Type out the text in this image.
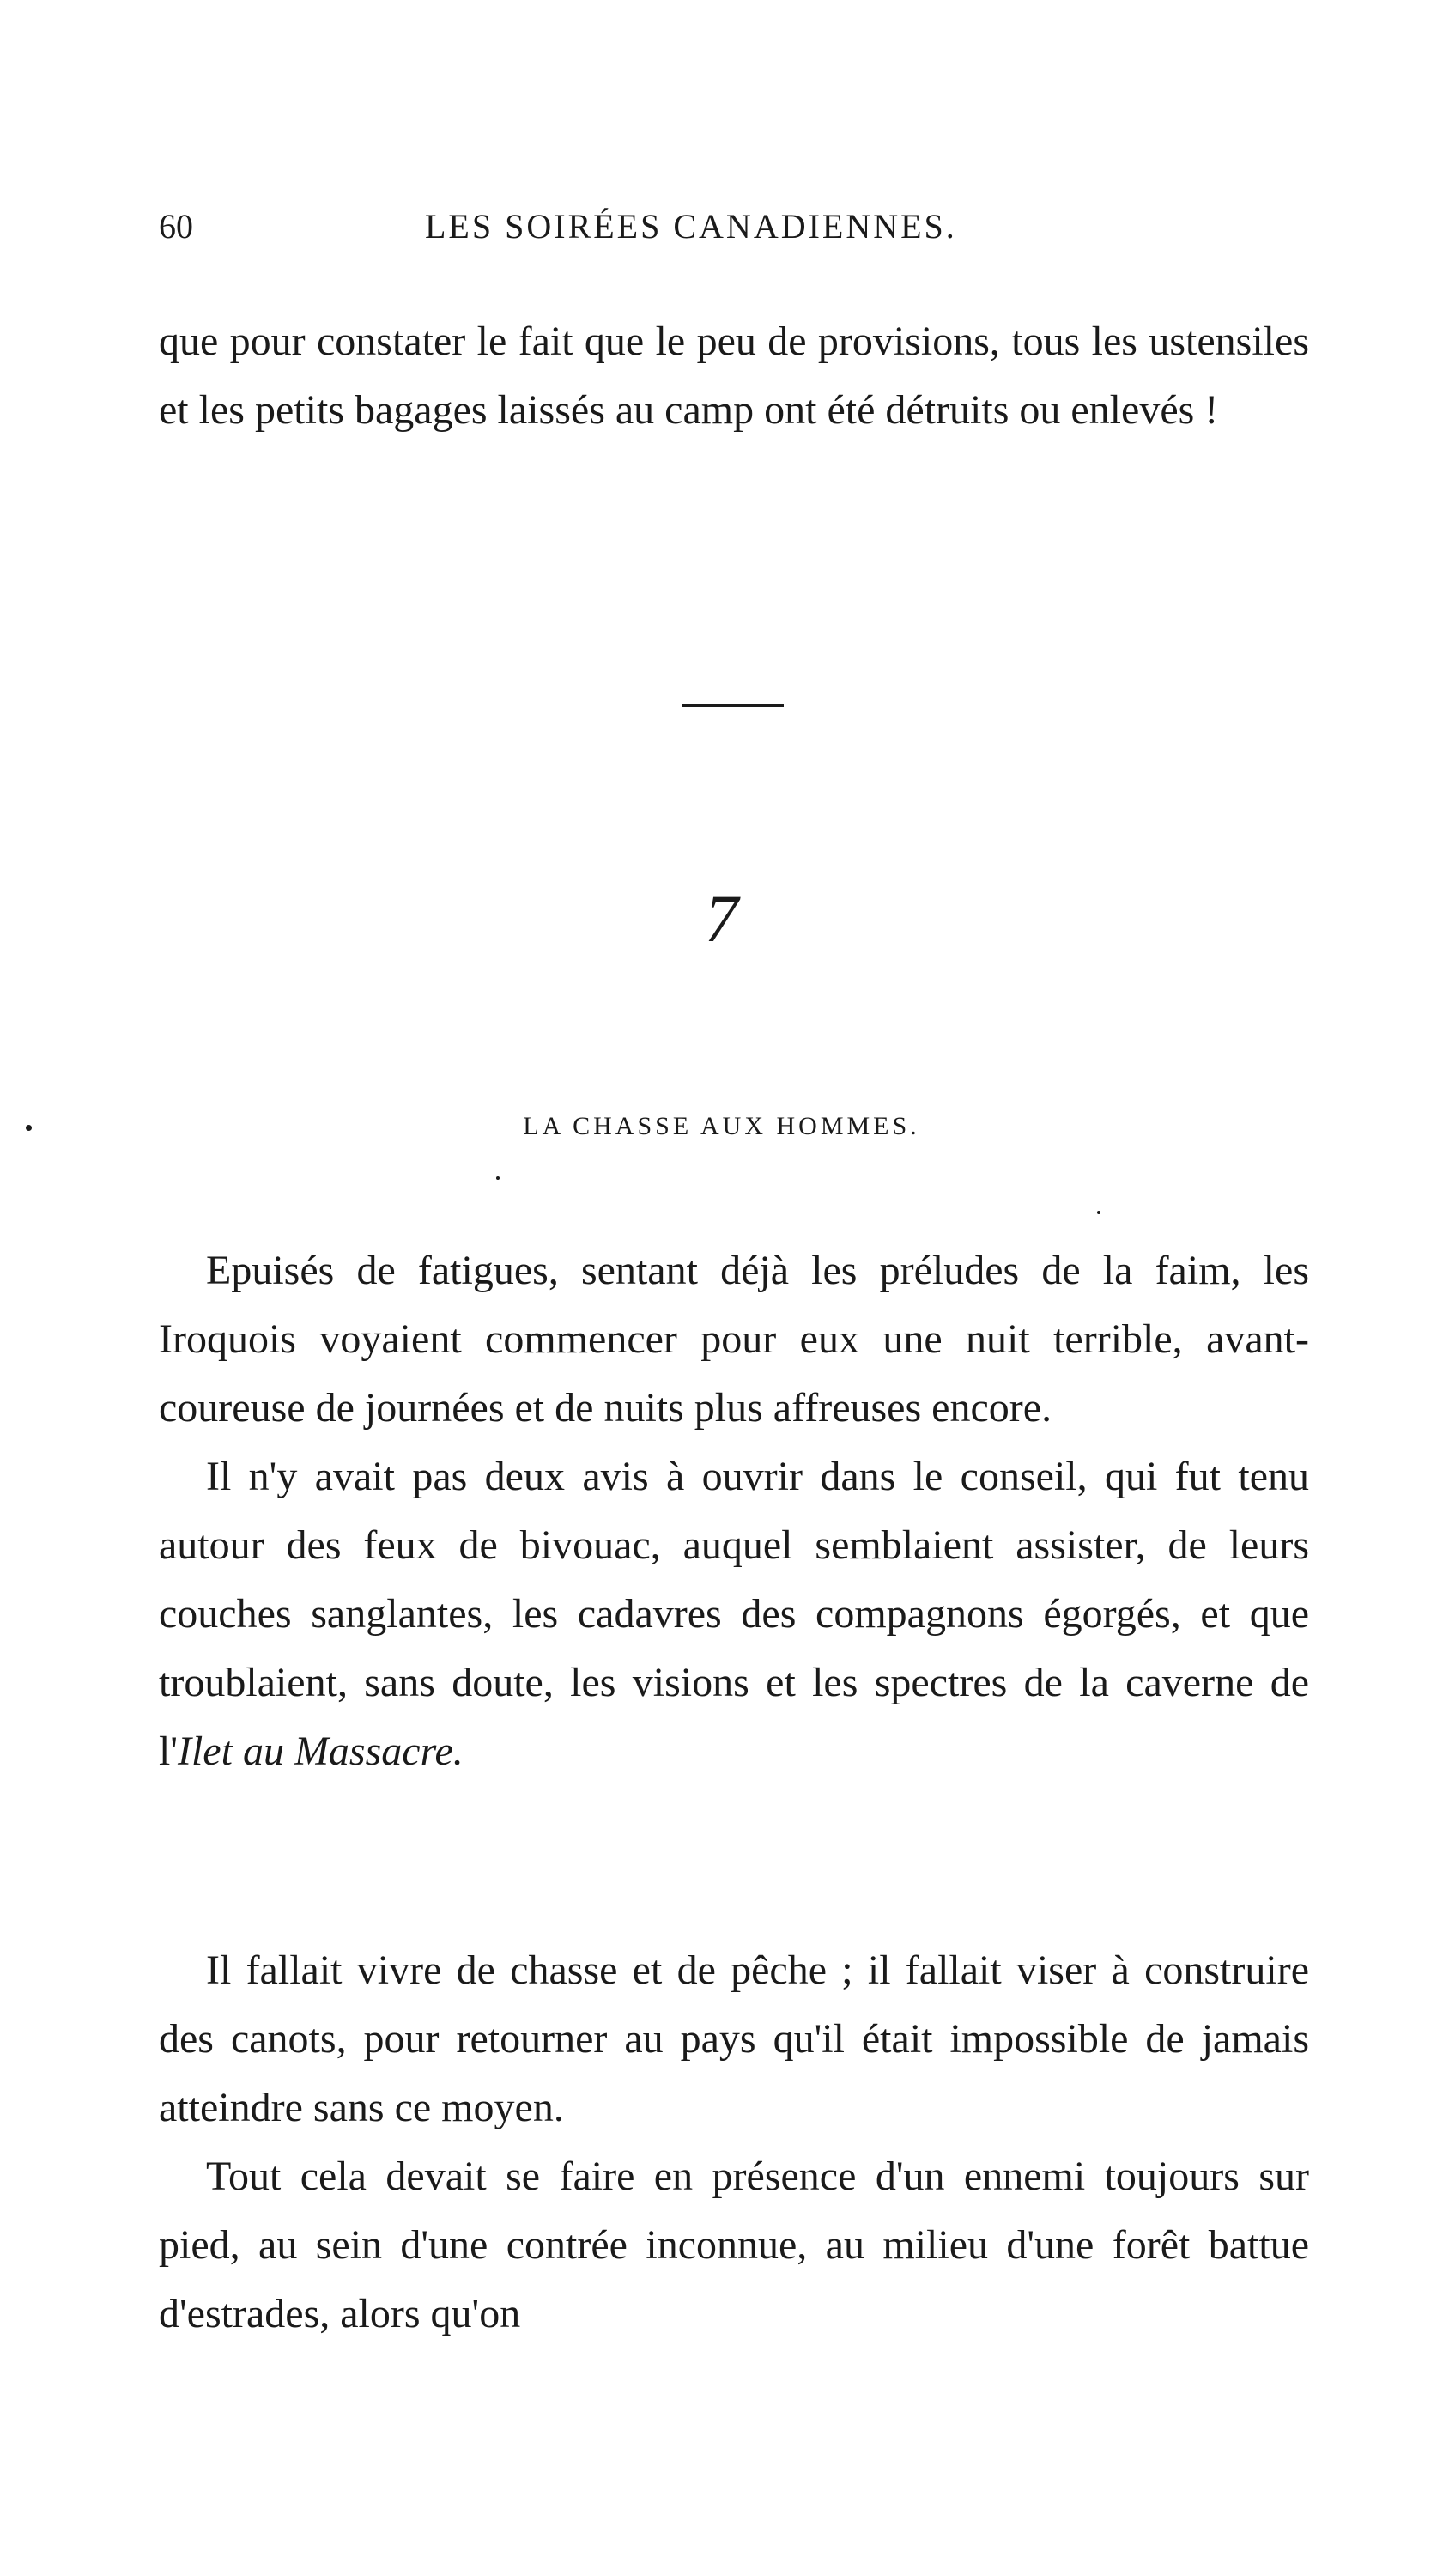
60	LES SOIRÉES CANADIENNES.

que pour constater le fait que le peu de provisions, tous les ustensiles et les petits bagages laissés au camp ont été détruits ou enlevés !

7
LA CHASSE AUX HOMMES.

Epuisés de fatigues, sentant déjà les préludes de la faim, les Iroquois voyaient commencer pour eux une nuit terrible, avant-coureuse de journées et de nuits plus affreuses encore.

Il n'y avait pas deux avis à ouvrir dans le conseil, qui fut tenu autour des feux de bivouac, auquel semblaient assister, de leurs couches sanglantes, les cadavres des compagnons égorgés, et que troublaient, sans doute, les visions et les spectres de la caverne de l'Ilet au Massacre.

Il fallait vivre de chasse et de pêche ; il fallait viser à construire des canots, pour retourner au pays qu'il était impossible de jamais atteindre sans ce moyen.

Tout cela devait se faire en présence d'un ennemi toujours sur pied, au sein d'une contrée inconnue, au milieu d'une forêt battue d'estrades, alors qu'on
